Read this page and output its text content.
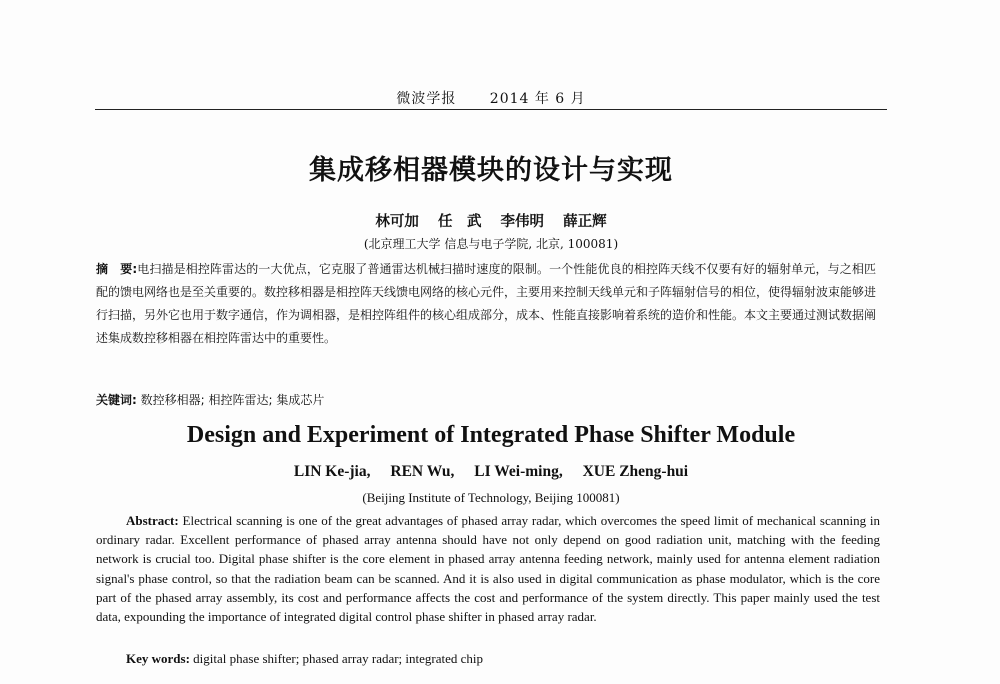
微波学报 2014 年 6 月
集成移相器模块的设计与实现
林可加 任　武 李伟明 薛正辉
(北京理工大学 信息与电子学院, 北京, 100081)
摘　要:电扫描是相控阵雷达的一大优点，它克服了普通雷达机械扫描时速度的限制。一个性能优良的相控阵天线不仅要有好的辐射单元，与之相匹配的馈电网络也是至关重要的。数控移相器是相控阵天线馈电网络的核心元件，主要用来控制天线单元和子阵辐射信号的相位，使得辐射波束能够进行扫描，另外它也用于数字通信，作为调相器，是相控阵组件的核心组成部分，成本、性能直接影响着系统的造价和性能。本文主要通过测试数据阐述集成数控移相器在相控阵雷达中的重要性。
关键词: 数控移相器; 相控阵雷达; 集成芯片
Design and Experiment of Integrated Phase Shifter Module
LIN Ke-jia, REN Wu, LI Wei-ming, XUE Zheng-hui
(Beijing Institute of Technology, Beijing 100081)
Abstract: Electrical scanning is one of the great advantages of phased array radar, which overcomes the speed limit of mechanical scanning in ordinary radar. Excellent performance of phased array antenna should have not only depend on good radiation unit, matching with the feeding network is crucial too. Digital phase shifter is the core element in phased array antenna feeding network, mainly used for antenna element radiation signal's phase control, so that the radiation beam can be scanned. And it is also used in digital communication as phase modulator, which is the core part of the phased array assembly, its cost and performance affects the cost and performance of the system directly. This paper mainly used the test data, expounding the importance of integrated digital control phase shifter in phased array radar.
Key words: digital phase shifter; phased array radar; integrated chip
